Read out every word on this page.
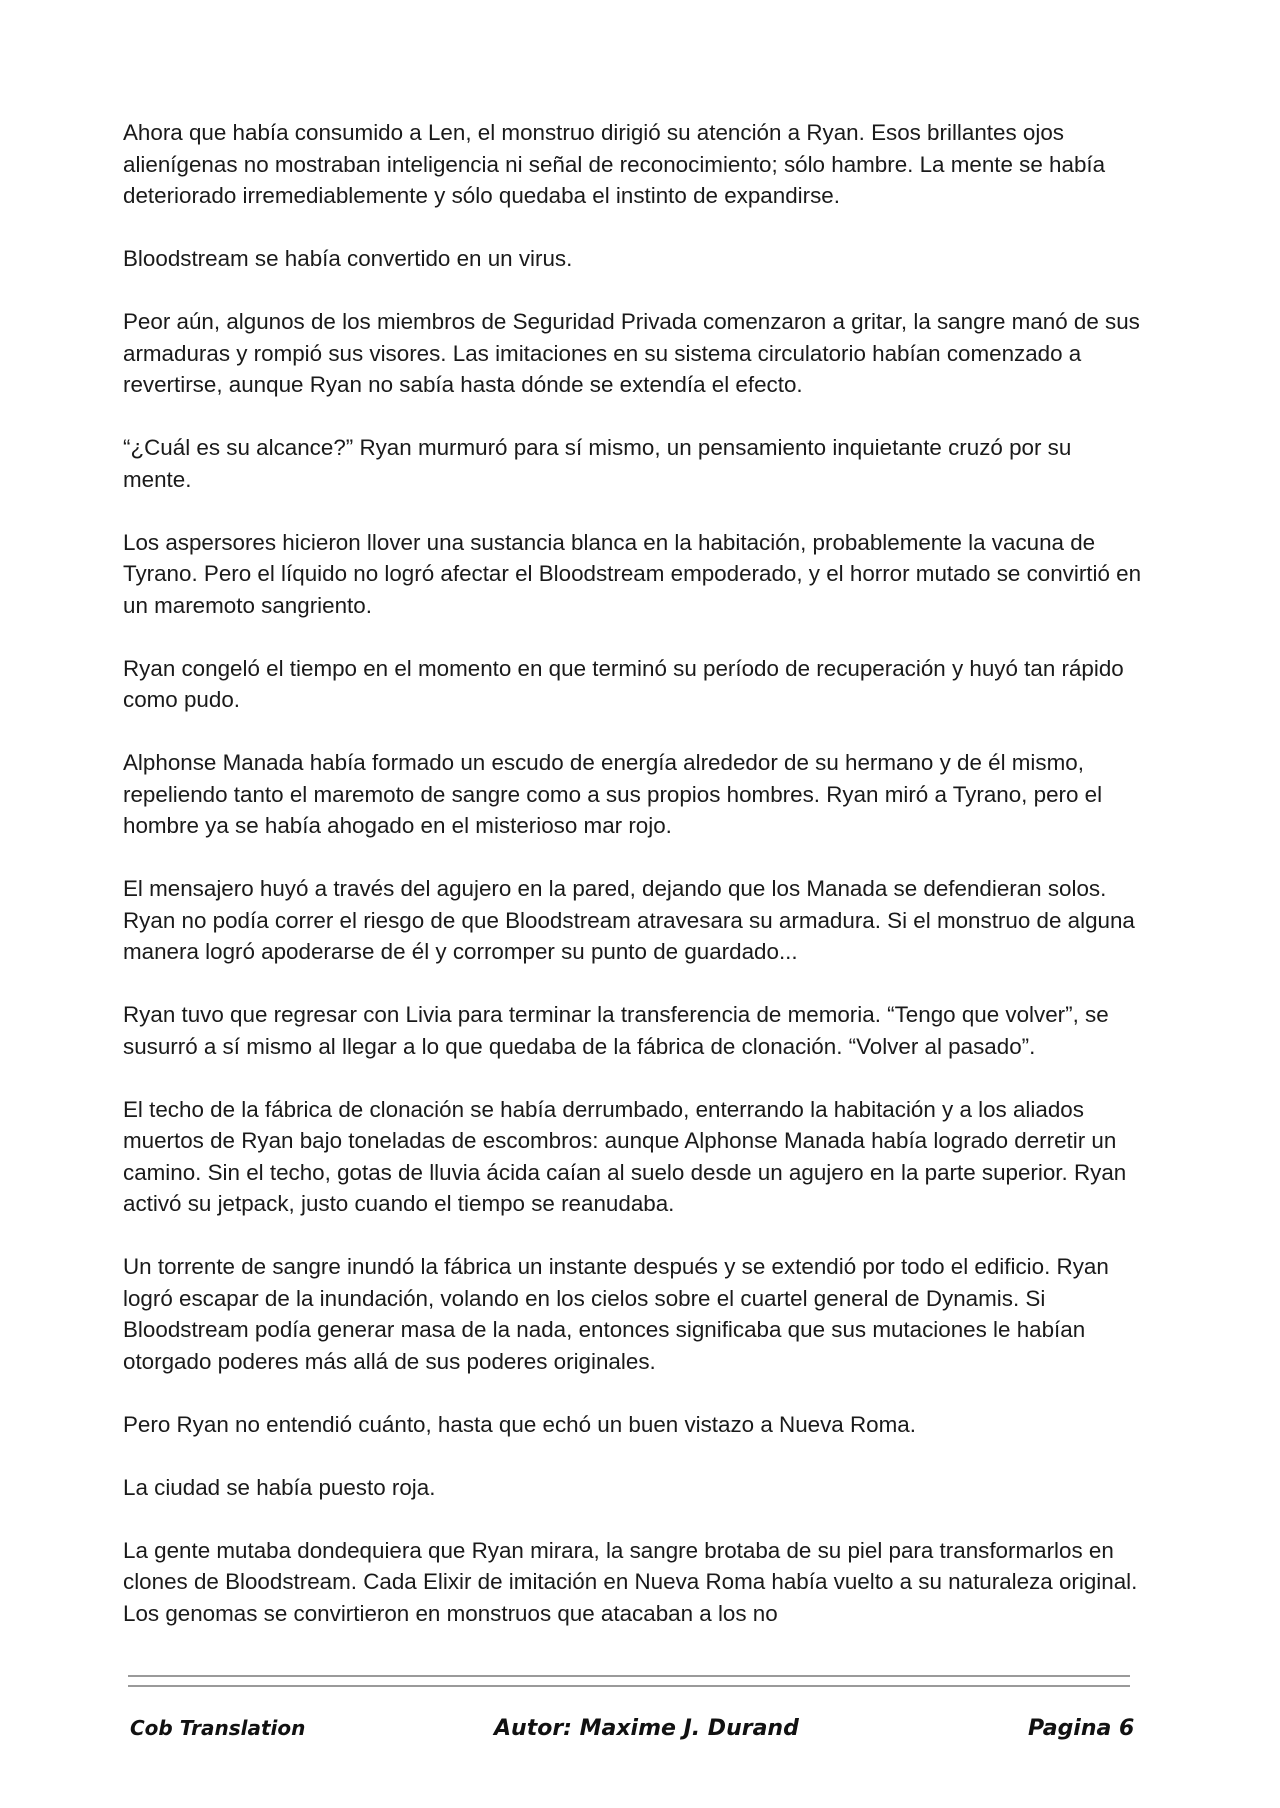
Ahora que había consumido a Len, el monstruo dirigió su atención a Ryan. Esos brillantes ojos alienígenas no mostraban inteligencia ni señal de reconocimiento; sólo hambre. La mente se había deteriorado irremediablemente y sólo quedaba el instinto de expandirse.

Bloodstream se había convertido en un virus.

Peor aún, algunos de los miembros de Seguridad Privada comenzaron a gritar, la sangre manó de sus armaduras y rompió sus visores. Las imitaciones en su sistema circulatorio habían comenzado a revertirse, aunque Ryan no sabía hasta dónde se extendía el efecto.

“¿Cuál es su alcance?” Ryan murmuró para sí mismo, un pensamiento inquietante cruzó por su mente.

Los aspersores hicieron llover una sustancia blanca en la habitación, probablemente la vacuna de Tyrano. Pero el líquido no logró afectar el Bloodstream empoderado, y el horror mutado se convirtió en un maremoto sangriento.

Ryan congeló el tiempo en el momento en que terminó su período de recuperación y huyó tan rápido como pudo.

Alphonse Manada había formado un escudo de energía alrededor de su hermano y de él mismo, repeliendo tanto el maremoto de sangre como a sus propios hombres. Ryan miró a Tyrano, pero el hombre ya se había ahogado en el misterioso mar rojo.

El mensajero huyó a través del agujero en la pared, dejando que los Manada se defendieran solos. Ryan no podía correr el riesgo de que Bloodstream atravesara su armadura. Si el monstruo de alguna manera logró apoderarse de él y corromper su punto de guardado...

Ryan tuvo que regresar con Livia para terminar la transferencia de memoria. “Tengo que volver”, se susurró a sí mismo al llegar a lo que quedaba de la fábrica de clonación. “Volver al pasado”.

El techo de la fábrica de clonación se había derrumbado, enterrando la habitación y a los aliados muertos de Ryan bajo toneladas de escombros: aunque Alphonse Manada había logrado derretir un camino. Sin el techo, gotas de lluvia ácida caían al suelo desde un agujero en la parte superior. Ryan activó su jetpack, justo cuando el tiempo se reanudaba.

Un torrente de sangre inundó la fábrica un instante después y se extendió por todo el edificio. Ryan logró escapar de la inundación, volando en los cielos sobre el cuartel general de Dynamis. Si Bloodstream podía generar masa de la nada, entonces significaba que sus mutaciones le habían otorgado poderes más allá de sus poderes originales.

Pero Ryan no entendió cuánto, hasta que echó un buen vistazo a Nueva Roma.

La ciudad se había puesto roja.

La gente mutaba dondequiera que Ryan mirara, la sangre brotaba de su piel para transformarlos en clones de Bloodstream. Cada Elixir de imitación en Nueva Roma había vuelto a su naturaleza original. Los genomas se convirtieron en monstruos que atacaban a los no

Cob Translation	Autor: Maxime J. Durand	Pagina 6
